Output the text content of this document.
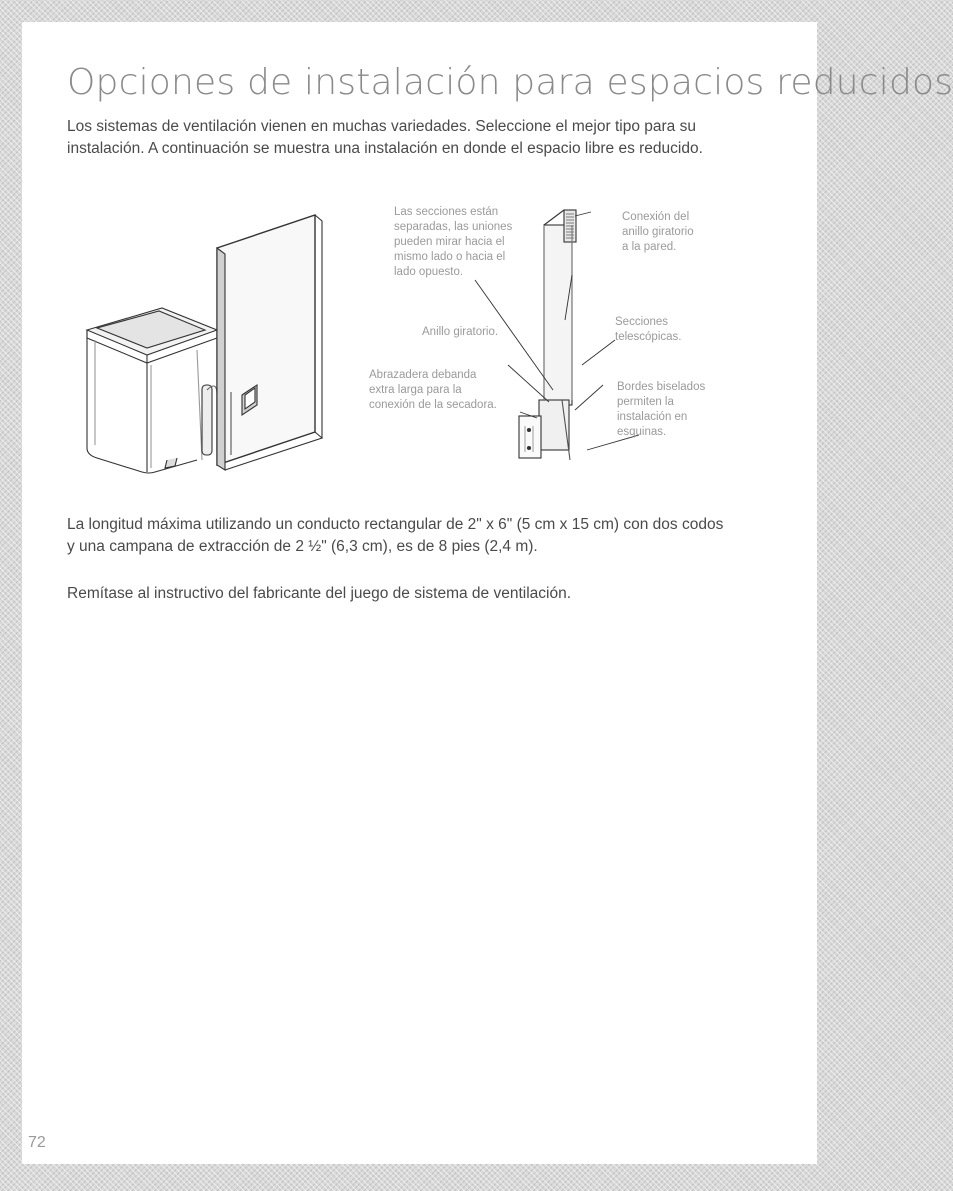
Opciones de instalación para espacios reducidos

Los sistemas de ventilación vienen en muchas variedades. Seleccione el mejor tipo para su
instalación. A continuación se muestra una instalación en donde el espacio libre es reducido.

Las secciones están
separadas, las uniones
pueden mirar hacia el
mismo lado o hacia el
lado opuesto.
Conexión del
anillo giratorio
a la pared.
Anillo giratorio.
Secciones
telescópicas.
Abrazadera debanda
extra larga para la
conexión de la secadora.
Bordes biselados
permiten la
instalación en
esquinas.

La longitud máxima utilizando un conducto rectangular de 2" x 6" (5 cm x 15 cm) con dos codos
y una campana de extracción de 2 ½" (6,3 cm), es de 8 pies (2,4 m).

Remítase al instructivo del fabricante del juego de sistema de ventilación.

72
